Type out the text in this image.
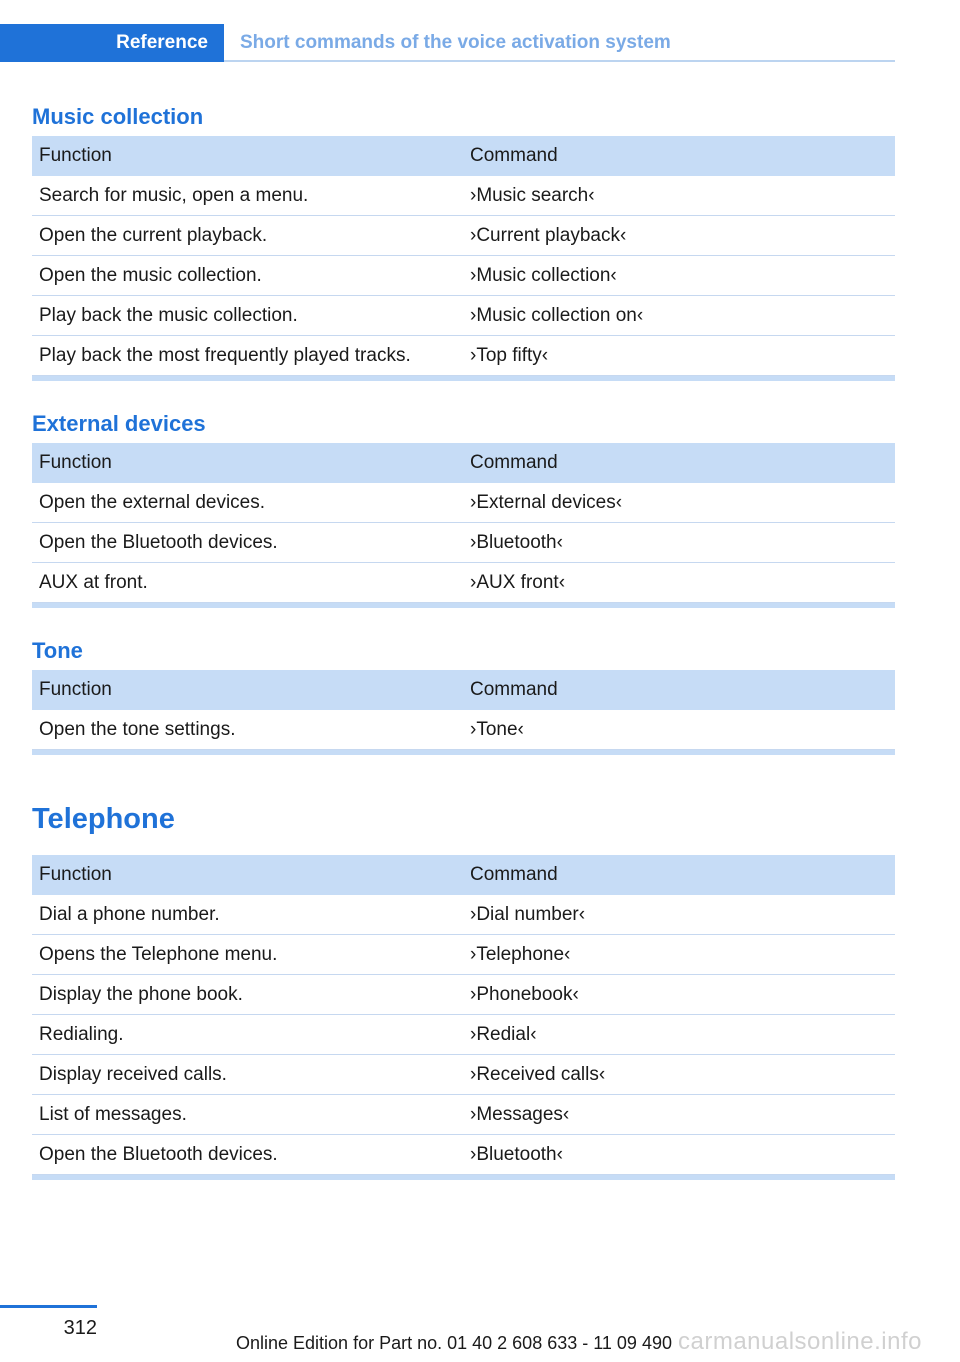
Reference	Short commands of the voice activation system
Music collection
Function	Command
Search for music, open a menu.	›Music search‹
Open the current playback.	›Current playback‹
Open the music collection.	›Music collection‹
Play back the music collection.	›Music collection on‹
Play back the most frequently played tracks.	›Top fifty‹
External devices
Function	Command
Open the external devices.	›External devices‹
Open the Bluetooth devices.	›Bluetooth‹
AUX at front.	›AUX front‹
Tone
Function	Command
Open the tone settings.	›Tone‹
Telephone
Function	Command
Dial a phone number.	›Dial number‹
Opens the Telephone menu.	›Telephone‹
Display the phone book.	›Phonebook‹
Redialing.	›Redial‹
Display received calls.	›Received calls‹
List of messages.	›Messages‹
Open the Bluetooth devices.	›Bluetooth‹
312
Online Edition for Part no. 01 40 2 608 633 - 11 09 490 carmanualsonline.info
